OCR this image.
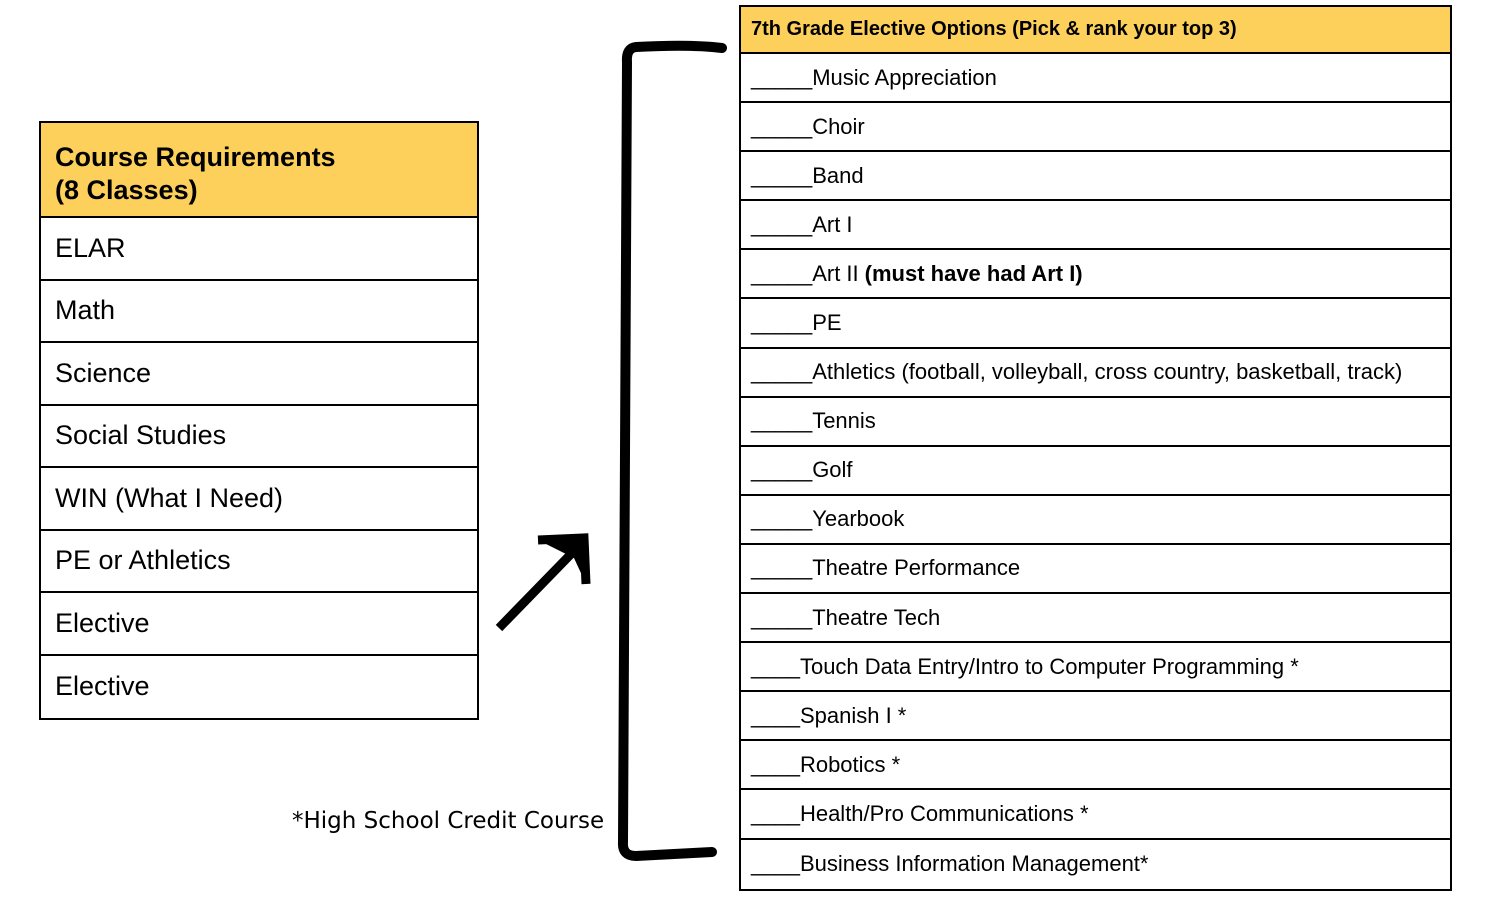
Course Requirements
(8 Classes)
ELAR
Math
Science
Social Studies
WIN (What I Need)
PE or Athletics
Elective
Elective
7th Grade Elective Options (Pick & rank your top 3)
_____ Music Appreciation
_____ Choir
_____ Band
_____ Art I
_____ Art II (must have had Art I)
_____ PE
_____ Athletics (football, volleyball, cross country, basketball, track)
_____ Tennis
_____ Golf
_____ Yearbook
_____ Theatre Performance
_____ Theatre Tech
____ Touch Data Entry/Intro to Computer Programming *
____ Spanish I *
____ Robotics *
____ Health/Pro Communications *
____ Business Information Management*
*High School Credit Course
